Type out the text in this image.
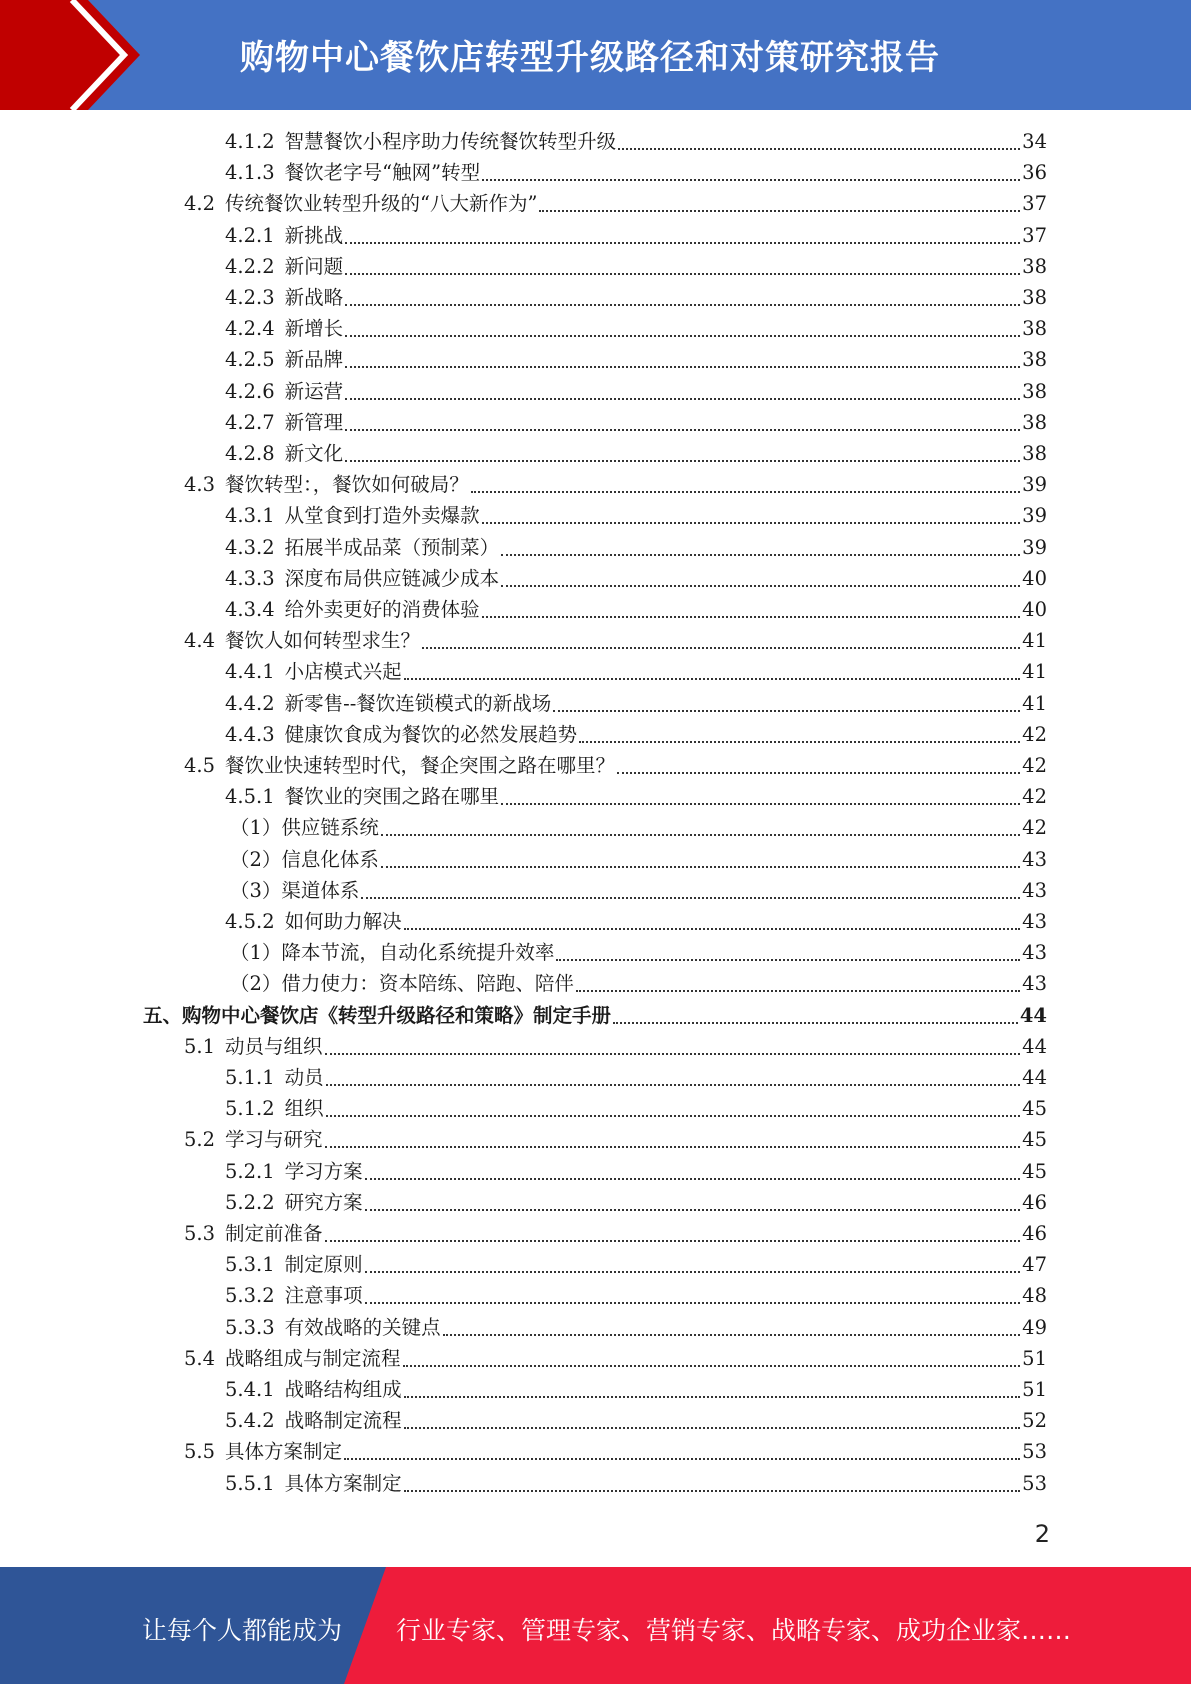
购物中心餐饮店转型升级路径和对策研究报告
4.1.2 智慧餐饮小程序助力传统餐饮转型升级	34
4.1.3 餐饮老字号“触网”转型	36
4.2 传统餐饮业转型升级的“八大新作为”	37
4.2.1 新挑战	37
4.2.2 新问题	38
4.2.3 新战略	38
4.2.4 新增长	38
4.2.5 新品牌	38
4.2.6 新运营	38
4.2.7 新管理	38
4.2.8 新文化	38
4.3 餐饮转型：，餐饮如何破局？	39
4.3.1 从堂食到打造外卖爆款	39
4.3.2 拓展半成品菜（预制菜）	39
4.3.3 深度布局供应链减少成本	40
4.3.4 给外卖更好的消费体验	40
4.4 餐饮人如何转型求生？	41
4.4.1 小店模式兴起	41
4.4.2 新零售--餐饮连锁模式的新战场	41
4.4.3 健康饮食成为餐饮的必然发展趋势	42
4.5 餐饮业快速转型时代，餐企突围之路在哪里？	42
4.5.1 餐饮业的突围之路在哪里	42
（1）供应链系统	42
（2）信息化体系	43
（3）渠道体系	43
4.5.2 如何助力解决	43
（1）降本节流，自动化系统提升效率	43
（2）借力使力：资本陪练、陪跑、陪伴	43
五、购物中心餐饮店《转型升级路径和策略》制定手册	44
5.1 动员与组织	44
5.1.1 动员	44
5.1.2 组织	45
5.2 学习与研究	45
5.2.1 学习方案	45
5.2.2 研究方案	46
5.3 制定前准备	46
5.3.1 制定原则	47
5.3.2 注意事项	48
5.3.3 有效战略的关键点	49
5.4 战略组成与制定流程	51
5.4.1 战略结构组成	51
5.4.2 战略制定流程	52
5.5 具体方案制定	53
5.5.1 具体方案制定	53
2
让每个人都能成为 行业专家、管理专家、营销专家、战略专家、成功企业家……
